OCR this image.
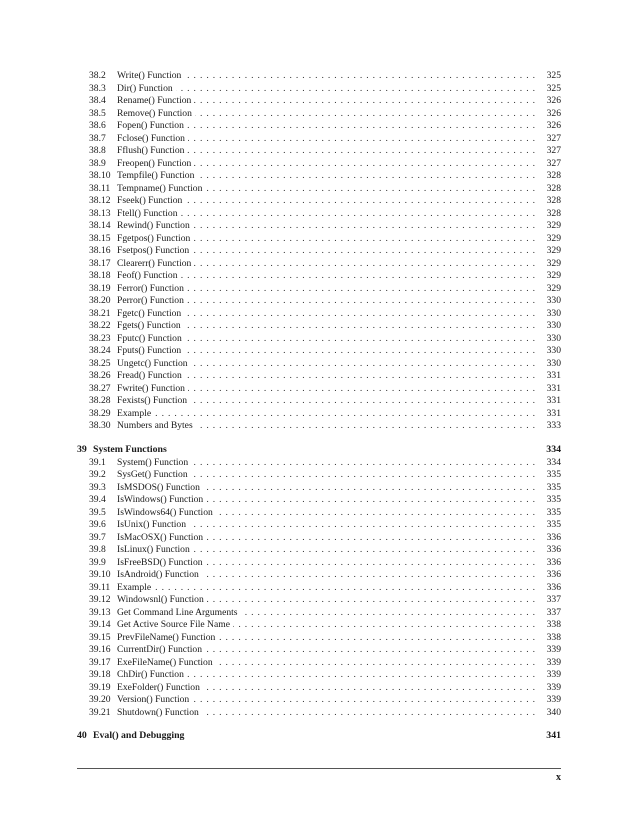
38.2	Write() Function . . .	325
38.3	Dir() Function . . .	325
38.4	Rename() Function . . .	326
38.5	Remove() Function . . .	326
38.6	Fopen() Function . . .	326
38.7	Fclose() Function . . .	327
38.8	Fflush() Function . . .	327
38.9	Freopen() Function . . .	327
38.10 Tempfile() Function . . .	328
38.11 Tempname() Function . . .	328
38.12 Fseek() Function . . .	328
38.13 Ftell() Function . . .	328
38.14 Rewind() Function . . .	329
38.15 Fgetpos() Function . . .	329
38.16 Fsetpos() Function . . .	329
38.17 Clearerr() Function . . .	329
38.18 Feof() Function . . .	329
38.19 Ferror() Function . . .	329
38.20 Perror() Function . . .	330
38.21 Fgetc() Function . . .	330
38.22 Fgets() Function . . .	330
38.23 Fputc() Function . . .	330
38.24 Fputs() Function . . .	330
38.25 Ungetc() Function . . .	330
38.26 Fread() Function . . .	331
38.27 Fwrite() Function . . .	331
38.28 Fexists() Function . . .	331
38.29 Example . . .	331
38.30 Numbers and Bytes . . .	333
39 System Functions	334
39.1	System() Function . . .	334
39.2	SysGet() Function . . .	335
39.3	IsMSDOS() Function . . .	335
39.4	IsWindows() Function . . .	335
39.5	IsWindows64() Function . . .	335
39.6	IsUnix() Function . . .	335
39.7	IsMacOSX() Function . . .	336
39.8	IsLinux() Function . . .	336
39.9	IsFreeBSD() Function . . .	336
39.10 IsAndroid() Function . . .	336
39.11 Example . . .	336
39.12 Windowsnl() Function . . .	337
39.13 Get Command Line Arguments . . .	337
39.14 Get Active Source File Name . . .	338
39.15 PrevFileName() Function . . .	338
39.16 CurrentDir() Function . . .	339
39.17 ExeFileName() Function . . .	339
39.18 ChDir() Function . . .	339
39.19 ExeFolder() Function . . .	339
39.20 Version() Function . . .	339
39.21 Shutdown() Function . . .	340
40 Eval() and Debugging	341
x
